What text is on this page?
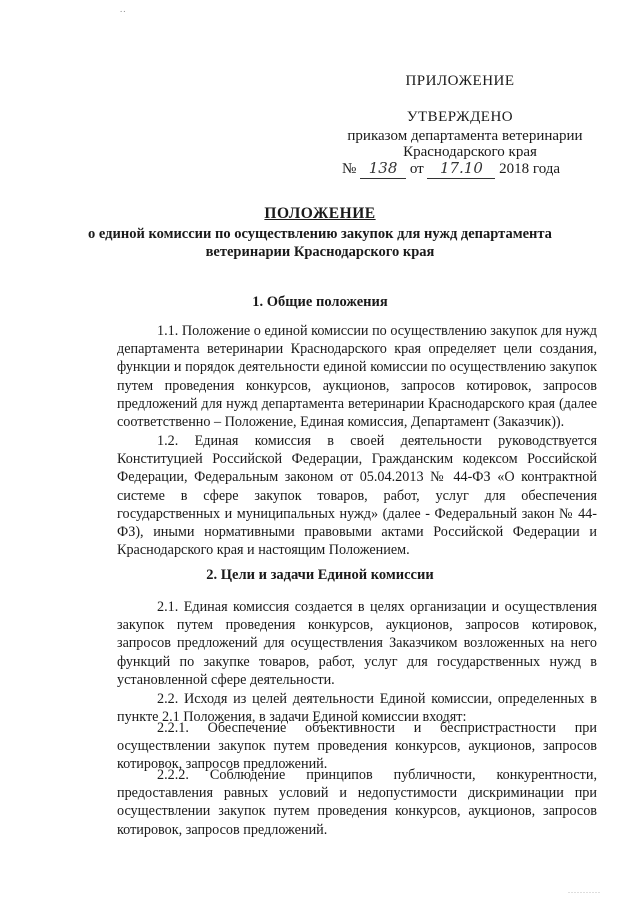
..
ПРИЛОЖЕНИЕ
УТВЕРЖДЕНО
приказом департамента ветеринарии
Краснодарского края
№ 138 от 17.10 2018 года
ПОЛОЖЕНИЕ
о единой комиссии по осуществлению закупок для нужд департамента
ветеринарии Краснодарского края
1. Общие положения

1.1. Положение о единой комиссии по осуществлению закупок для нужд департамента ветеринарии Краснодарского края определяет цели создания, функции и порядок деятельности единой комиссии по осуществлению закупок путем проведения конкурсов, аукционов, запросов котировок, запросов предложений для нужд департамента ветеринарии Краснодарского края (далее соответственно – Положение, Единая комиссия, Департамент (Заказчик)).

1.2. Единая комиссия в своей деятельности руководствуется Конституцией Российской Федерации, Гражданским кодексом Российской Федерации, Федеральным законом от 05.04.2013 № 44-ФЗ «О контрактной системе в сфере закупок товаров, работ, услуг для обеспечения государственных и муниципальных нужд» (далее - Федеральный закон № 44-ФЗ), иными нормативными правовыми актами Российской Федерации и Краснодарского края и настоящим Положением.

2. Цели и задачи Единой комиссии

2.1. Единая комиссия создается в целях организации и осуществления закупок путем проведения конкурсов, аукционов, запросов котировок, запросов предложений для осуществления Заказчиком возложенных на него функций по закупке товаров, работ, услуг для государственных нужд в установленной сфере деятельности.

2.2. Исходя из целей деятельности Единой комиссии, определенных в пункте 2.1 Положения, в задачи Единой комиссии входят:

2.2.1. Обеспечение объективности и беспристрастности при осуществлении закупок путем проведения конкурсов, аукционов, запросов котировок, запросов предложений.

2.2.2. Соблюдение принципов публичности, конкурентности, предоставления равных условий и недопустимости дискриминации при осуществлении закупок путем проведения конкурсов, аукционов, запросов котировок, запросов предложений.

...........
